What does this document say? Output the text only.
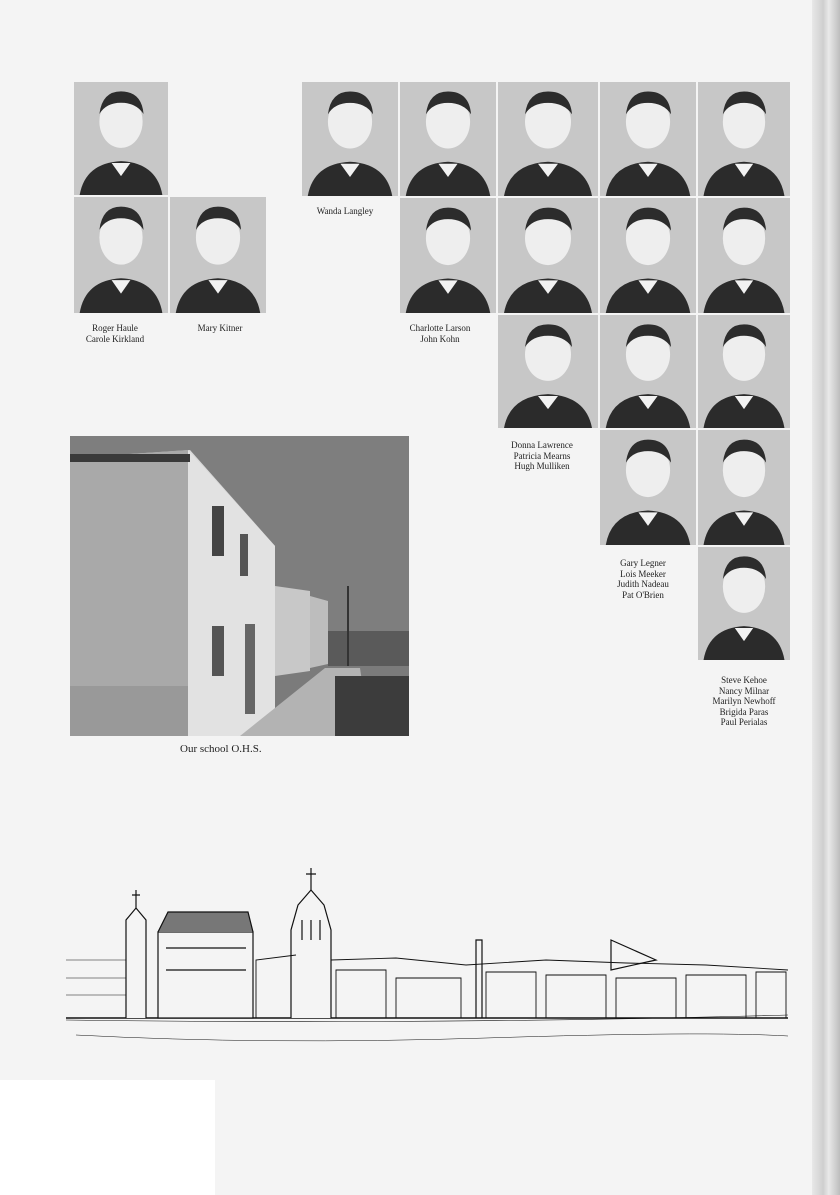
Roger Haule
Carole Kirkland
Mary Kitner
Wanda Langley
Charlotte Larson
John Kohn
Donna Lawrence
Patricia Mearns
Hugh Mulliken
Gary Legner
Lois Meeker
Judith Nadeau
Pat O'Brien
Steve Kehoe
Nancy Milnar
Marilyn Newhoff
Brigida Paras
Paul Perialas
Our school O.H.S.
